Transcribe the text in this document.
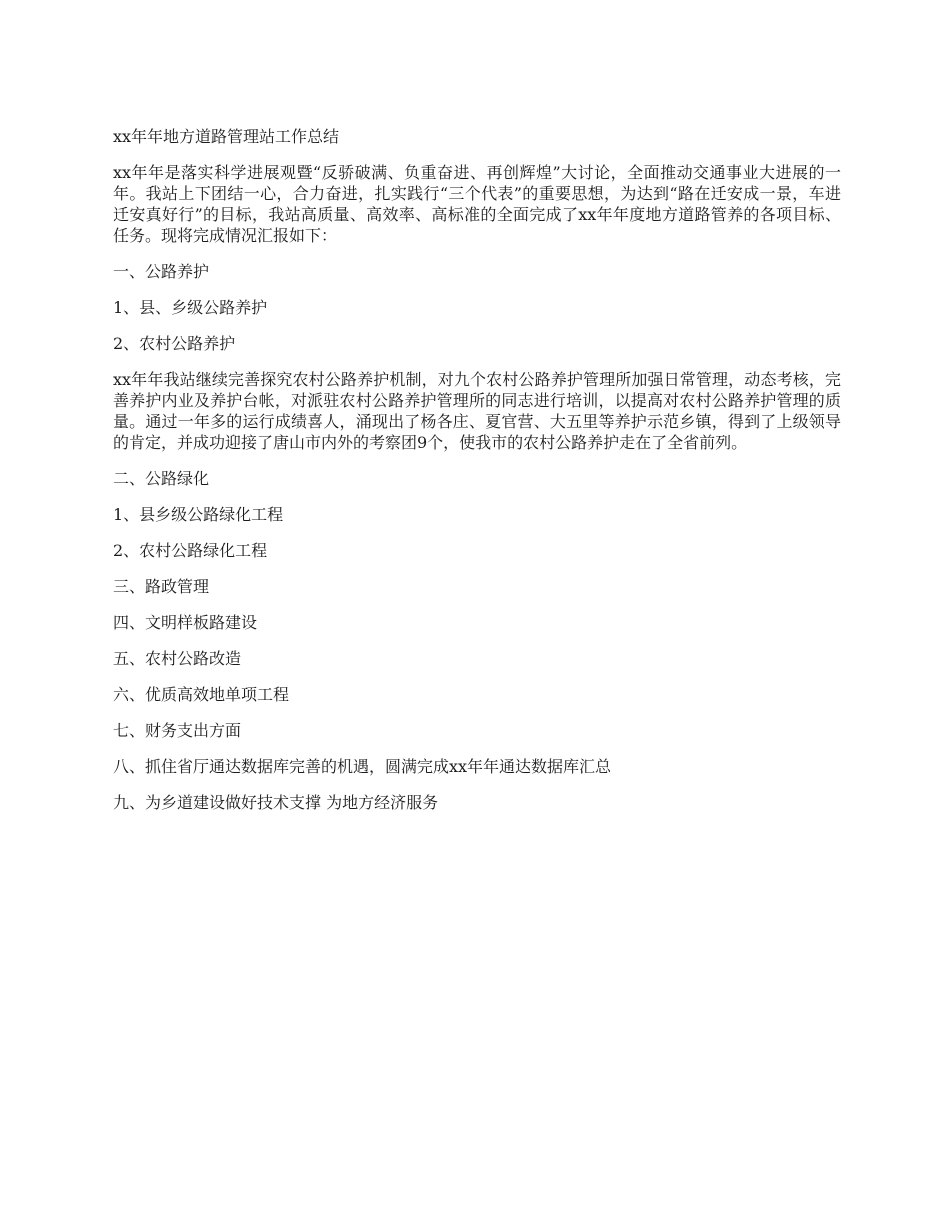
xx年年地方道路管理站工作总结

xx年年是落实科学进展观暨“反骄破满、负重奋进、再创辉煌”大讨论，全面推动交通事业大进展的一年。我站上下团结一心，合力奋进，扎实践行“三个代表”的重要思想，为达到“路在迁安成一景，车进迁安真好行”的目标，我站高质量、高效率、高标准的全面完成了xx年年度地方道路管养的各项目标、任务。现将完成情况汇报如下：

一、公路养护

1、县、乡级公路养护

2、农村公路养护

xx年年我站继续完善探究农村公路养护机制，对九个农村公路养护管理所加强日常管理，动态考核，完善养护内业及养护台帐，对派驻农村公路养护管理所的同志进行培训，以提高对农村公路养护管理的质量。通过一年多的运行成绩喜人，涌现出了杨各庄、夏官营、大五里等养护示范乡镇，得到了上级领导的肯定，并成功迎接了唐山市内外的考察团9个，使我市的农村公路养护走在了全省前列。

二、公路绿化

1、县乡级公路绿化工程

2、农村公路绿化工程

三、路政管理

四、文明样板路建设

五、农村公路改造

六、优质高效地单项工程

七、财务支出方面

八、抓住省厅通达数据库完善的机遇，圆满完成xx年年通达数据库汇总

九、为乡道建设做好技术支撑 为地方经济服务
